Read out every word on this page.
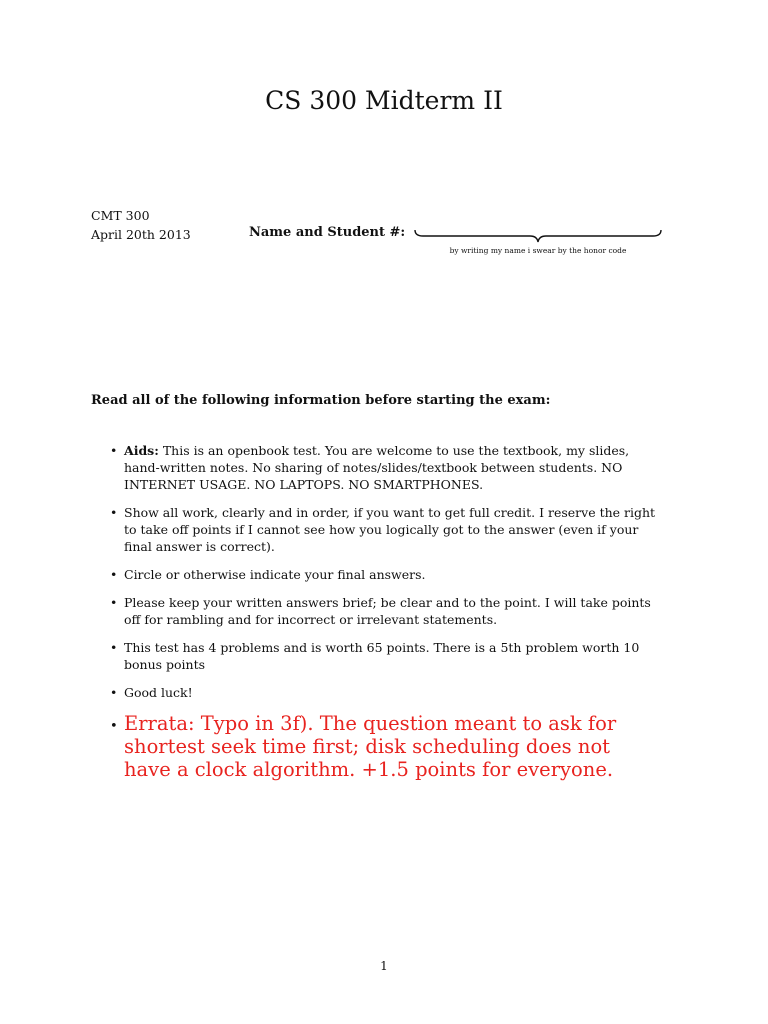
CS 300 Midterm II
CMT 300
April 20th 2013	Name and Student #:
by writing my name i swear by the honor code
Read all of the following information before starting the exam:
• Aids: This is an openbook test. You are welcome to use the textbook, my slides, hand-written notes. No sharing of notes/slides/textbook between students. NO INTERNET USAGE. NO LAPTOPS. NO SMARTPHONES.
• Show all work, clearly and in order, if you want to get full credit. I reserve the right to take off points if I cannot see how you logically got to the answer (even if your final answer is correct).
• Circle or otherwise indicate your final answers.
• Please keep your written answers brief; be clear and to the point. I will take points off for rambling and for incorrect or irrelevant statements.
• This test has 4 problems and is worth 65 points. There is a 5th problem worth 10 bonus points
• Good luck!
• Errata: Typo in 3f). The question meant to ask for shortest seek time first; disk scheduling does not have a clock algorithm. +1.5 points for everyone.
1
